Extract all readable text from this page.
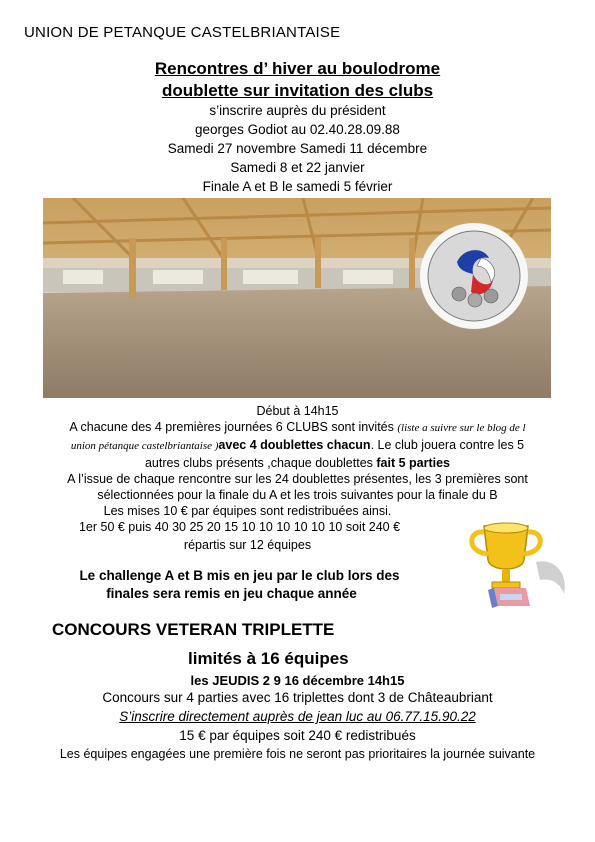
UNION DE PETANQUE CASTELBRIANTAISE
Rencontres d’ hiver au boulodrome
doublette sur invitation des clubs
s’inscrire auprès du président
georges Godiot au 02.40.28.09.88
Samedi 27 novembre Samedi 11 décembre
Samedi 8 et 22 janvier
Finale A et B le samedi 5 février
Début à 14h15
A chacune des 4 premières journées 6 CLUBS sont invités (liste a suivre sur le blog de l
union pétanque castelbriantaise )avec 4 doublettes chacun. Le club jouera contre les 5
autres clubs présents ,chaque doublettes fait 5 parties
A l’issue de chaque rencontre sur les 24 doublettes présentes, les 3 premières sont
sélectionnées pour la finale du A et les trois suivantes pour la finale du B
Les mises 10 € par équipes sont redistribuées ainsi.
1er 50 € puis 40 30 25 20 15 10 10 10 10 10 10 soit 240 €
répartis sur 12 équipes
Le challenge A et B mis en jeu par le club lors des
finales sera remis en jeu chaque année
CONCOURS VETERAN TRIPLETTE
limités à 16 équipes
les JEUDIS 2 9 16 décembre 14h15
Concours sur 4 parties avec 16 triplettes dont 3 de Châteaubriant
S’inscrire directement auprès de jean luc au 06.77.15.90.22
15 € par équipes soit 240 € redistribués
Les équipes engagées une première fois ne seront pas prioritaires la journée suivante
